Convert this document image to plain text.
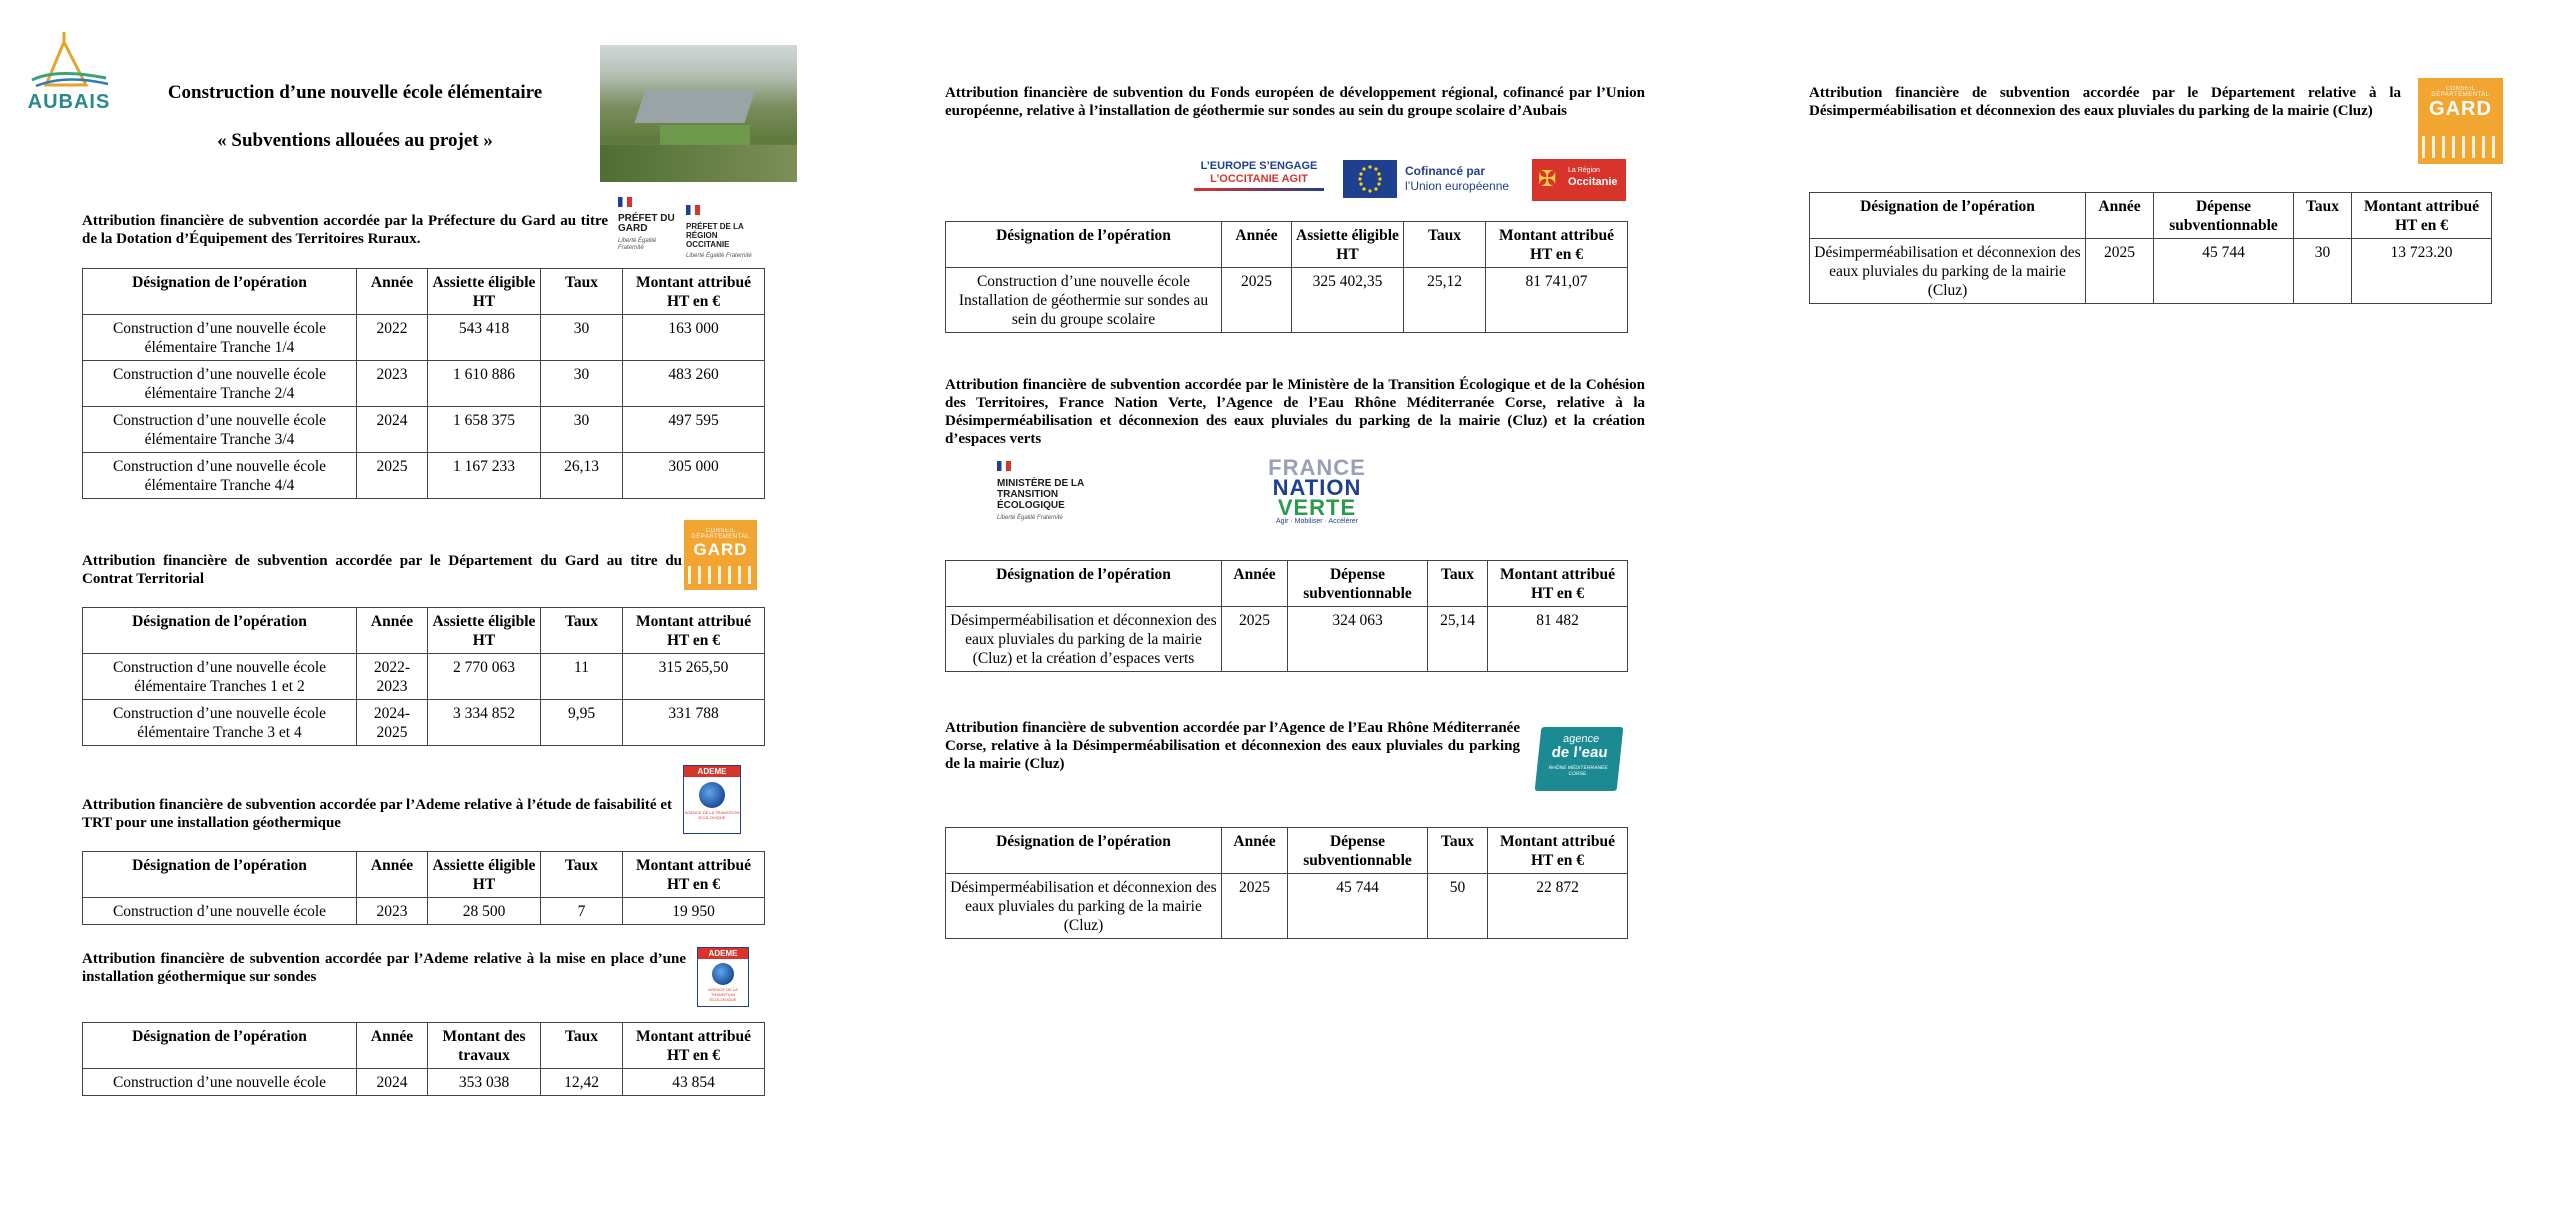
AUBAIS	Construction d’une nouvelle école élémentaire
« Subventions allouées au projet »
Attribution financière de subvention accordée par la Préfecture du Gard au titre de la Dotation d’Équipement des Territoires Ruraux.
PRÉFET DU GARD
Liberté Égalité Fraternité
PRÉFET DE LA RÉGION OCCITANIE
Liberté Égalité Fraternité
Désignation de l’opération	Année	Assiette éligible HT	Taux	Montant attribué HT en €
Construction d’une nouvelle école élémentaire Tranche 1/4	2022	543 418	30	163 000
Construction d’une nouvelle école élémentaire Tranche 2/4	2023	1 610 886	30	483 260
Construction d’une nouvelle école élémentaire Tranche 3/4	2024	1 658 375	30	497 595
Construction d’une nouvelle école élémentaire Tranche 4/4	2025	1 167 233	26,13	305 000
Attribution financière de subvention accordée par le Département du Gard au titre du Contrat Territorial
CONSEIL DÉPARTEMENTAL
GARD
Désignation de l’opération	Année	Assiette éligible HT	Taux	Montant attribué HT en €
Construction d’une nouvelle école élémentaire Tranches 1 et 2	2022-2023	2 770 063	11	315 265,50
Construction d’une nouvelle école élémentaire Tranche 3 et 4	2024-2025	3 334 852	9,95	331 788
Attribution financière de subvention accordée par l’Ademe relative à l’étude de faisabilité et TRT pour une installation géothermique
ADEME
AGENCE DE LA TRANSITION ÉCOLOGIQUE
Désignation de l’opération	Année	Assiette éligible HT	Taux	Montant attribué HT en €
Construction d’une nouvelle école	2023	28 500	7	19 950
Attribution financière de subvention accordée par l’Ademe relative à la mise en place d’une installation géothermique sur sondes
ADEME
AGENCE DE LA TRANSITION ÉCOLOGIQUE
Désignation de l’opération	Année	Montant des travaux	Taux	Montant attribué HT en €
Construction d’une nouvelle école	2024	353 038	12,42	43 854
Attribution financière de subvention du Fonds européen de développement régional, cofinancé par l’Union européenne, relative à l’installation de géothermie sur sondes au sein du groupe scolaire d’Aubais
L’EUROPE S’ENGAGE
L’OCCITANIE AGIT
Cofinancé par
l’Union européenne ✠ La Région
Occitanie
Désignation de l’opération	Année	Assiette éligible HT	Taux	Montant attribué HT en €
Construction d’une nouvelle école Installation de géothermie sur sondes au sein du groupe scolaire	2025	325 402,35	25,12	81 741,07
Attribution financière de subvention accordée par le Ministère de la Transition Écologique et de la Cohésion des Territoires, France Nation Verte, l’Agence de l’Eau Rhône Méditerranée Corse, relative à la Désimperméabilisation et déconnexion des eaux pluviales du parking de la mairie (Cluz) et la création d’espaces verts
MINISTÈRE DE LA TRANSITION ÉCOLOGIQUE
Liberté Égalité Fraternité
FRANCE
NATION
VERTE
Agir · Mobiliser · Accélérer
Désignation de l’opération	Année	Dépense subventionnable	Taux	Montant attribué HT en €
Désimperméabilisation et déconnexion des eaux pluviales du parking de la mairie (Cluz) et la création d’espaces verts	2025	324 063	25,14	81 482
Attribution financière de subvention accordée par l’Agence de l’Eau Rhône Méditerranée Corse, relative à la Désimperméabilisation et déconnexion des eaux pluviales du parking de la mairie (Cluz)
agence
de l’eau
RHÔNE MÉDITERRANÉE CORSE
Désignation de l’opération	Année	Dépense subventionnable	Taux	Montant attribué HT en €
Désimperméabilisation et déconnexion des eaux pluviales du parking de la mairie (Cluz)	2025	45 744	50	22 872
Attribution financière de subvention accordée par le Département relative à la Désimperméabilisation et déconnexion des eaux pluviales du parking de la mairie (Cluz)
CONSEIL DÉPARTEMENTAL
GARD
Désignation de l’opération	Année	Dépense subventionnable	Taux	Montant attribué HT en €
Désimperméabilisation et déconnexion des eaux pluviales du parking de la mairie (Cluz)	2025	45 744	30	13 723.20
